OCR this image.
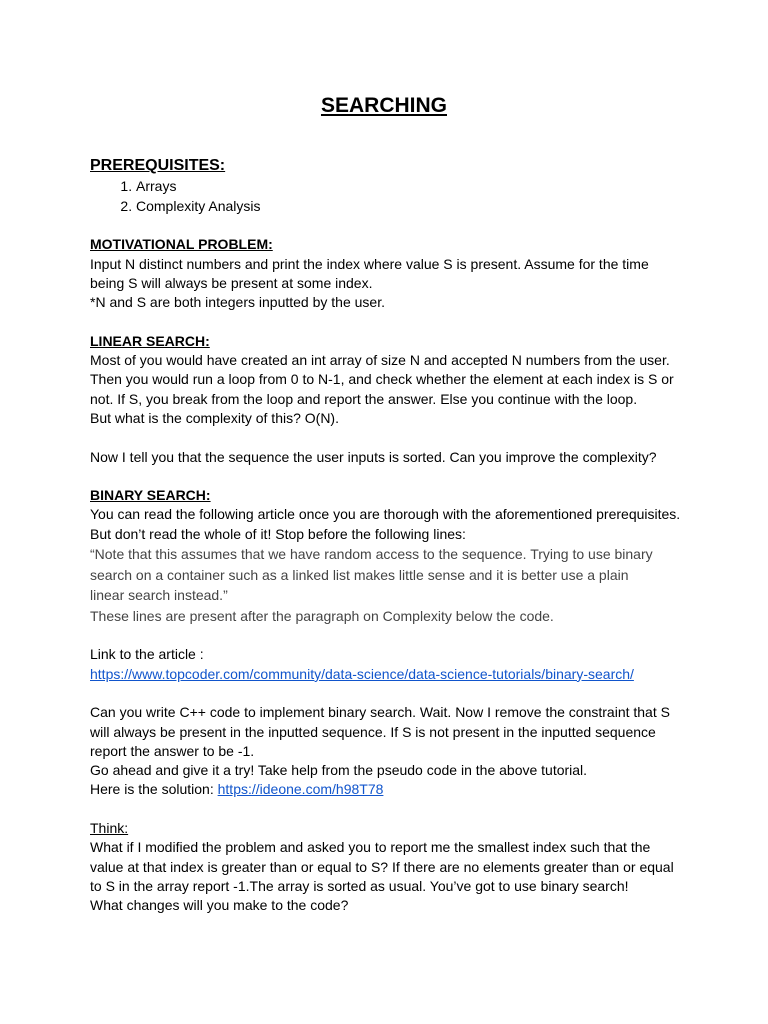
SEARCHING

PREREQUISITES:

1. Arrays
2. Complexity Analysis

MOTIVATIONAL PROBLEM:

Input N distinct numbers and print the index where value S is present. Assume for the time

being S will always be present at some index.

*N and S are both integers inputted by the user.

LINEAR SEARCH:

Most of you would have created an int array of size N and accepted N numbers from the user.

Then you would run a loop from 0 to N-1, and check whether the element at each index is S or

not. If S, you break from the loop and report the answer. Else you continue with the loop.

But what is the complexity of this? O(N).

Now I tell you that the sequence the user inputs is sorted. Can you improve the complexity?

BINARY SEARCH:

You can read the following article once you are thorough with the aforementioned prerequisites.

But don’t read the whole of it! Stop before the following lines:

“Note that this assumes that we have random access to the sequence. Trying to use binary

search on a container such as a linked list makes little sense and it is better use a plain

linear search instead.”

These lines are present after the paragraph on Complexity below the code.

Link to the article :

https://www.topcoder.com/community/data-science/data-science-tutorials/binary-search/

Can you write C++ code to implement binary search. Wait. Now I remove the constraint that S

will always be present in the inputted sequence. If S is not present in the inputted sequence

report the answer to be -1.

Go ahead and give it a try! Take help from the pseudo code in the above tutorial.

Here is the solution: https://ideone.com/h98T78

Think:

What if I modified the problem and asked you to report me the smallest index such that the

value at that index is greater than or equal to S? If there are no elements greater than or equal

to S in the array report -1.The array is sorted as usual. You’ve got to use binary search!

What changes will you make to the code?
